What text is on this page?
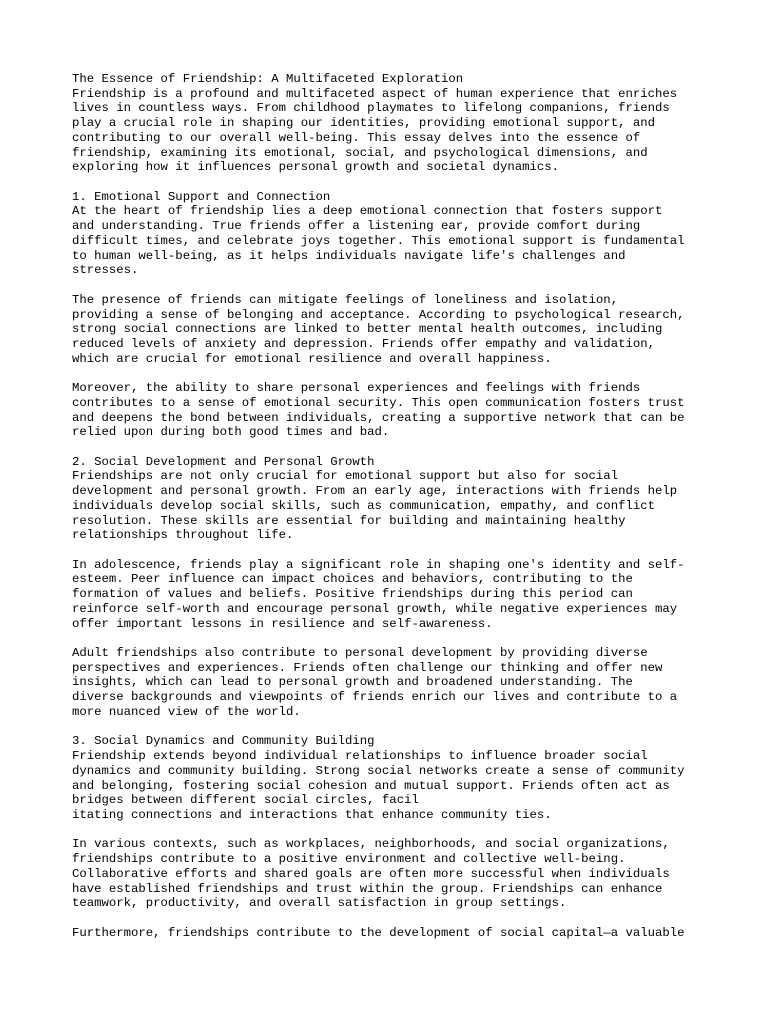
The Essence of Friendship: A Multifaceted Exploration
Friendship is a profound and multifaceted aspect of human experience that enriches
lives in countless ways. From childhood playmates to lifelong companions, friends
play a crucial role in shaping our identities, providing emotional support, and
contributing to our overall well-being. This essay delves into the essence of
friendship, examining its emotional, social, and psychological dimensions, and
exploring how it influences personal growth and societal dynamics.
1. Emotional Support and Connection
At the heart of friendship lies a deep emotional connection that fosters support
and understanding. True friends offer a listening ear, provide comfort during
difficult times, and celebrate joys together. This emotional support is fundamental
to human well-being, as it helps individuals navigate life's challenges and
stresses.
The presence of friends can mitigate feelings of loneliness and isolation,
providing a sense of belonging and acceptance. According to psychological research,
strong social connections are linked to better mental health outcomes, including
reduced levels of anxiety and depression. Friends offer empathy and validation,
which are crucial for emotional resilience and overall happiness.
Moreover, the ability to share personal experiences and feelings with friends
contributes to a sense of emotional security. This open communication fosters trust
and deepens the bond between individuals, creating a supportive network that can be
relied upon during both good times and bad.
2. Social Development and Personal Growth
Friendships are not only crucial for emotional support but also for social
development and personal growth. From an early age, interactions with friends help
individuals develop social skills, such as communication, empathy, and conflict
resolution. These skills are essential for building and maintaining healthy
relationships throughout life.
In adolescence, friends play a significant role in shaping one's identity and self-
esteem. Peer influence can impact choices and behaviors, contributing to the
formation of values and beliefs. Positive friendships during this period can
reinforce self-worth and encourage personal growth, while negative experiences may
offer important lessons in resilience and self-awareness.
Adult friendships also contribute to personal development by providing diverse
perspectives and experiences. Friends often challenge our thinking and offer new
insights, which can lead to personal growth and broadened understanding. The
diverse backgrounds and viewpoints of friends enrich our lives and contribute to a
more nuanced view of the world.
3. Social Dynamics and Community Building
Friendship extends beyond individual relationships to influence broader social
dynamics and community building. Strong social networks create a sense of community
and belonging, fostering social cohesion and mutual support. Friends often act as
bridges between different social circles, facil
itating connections and interactions that enhance community ties.
In various contexts, such as workplaces, neighborhoods, and social organizations,
friendships contribute to a positive environment and collective well-being.
Collaborative efforts and shared goals are often more successful when individuals
have established friendships and trust within the group. Friendships can enhance
teamwork, productivity, and overall satisfaction in group settings.
Furthermore, friendships contribute to the development of social capital—a valuable
